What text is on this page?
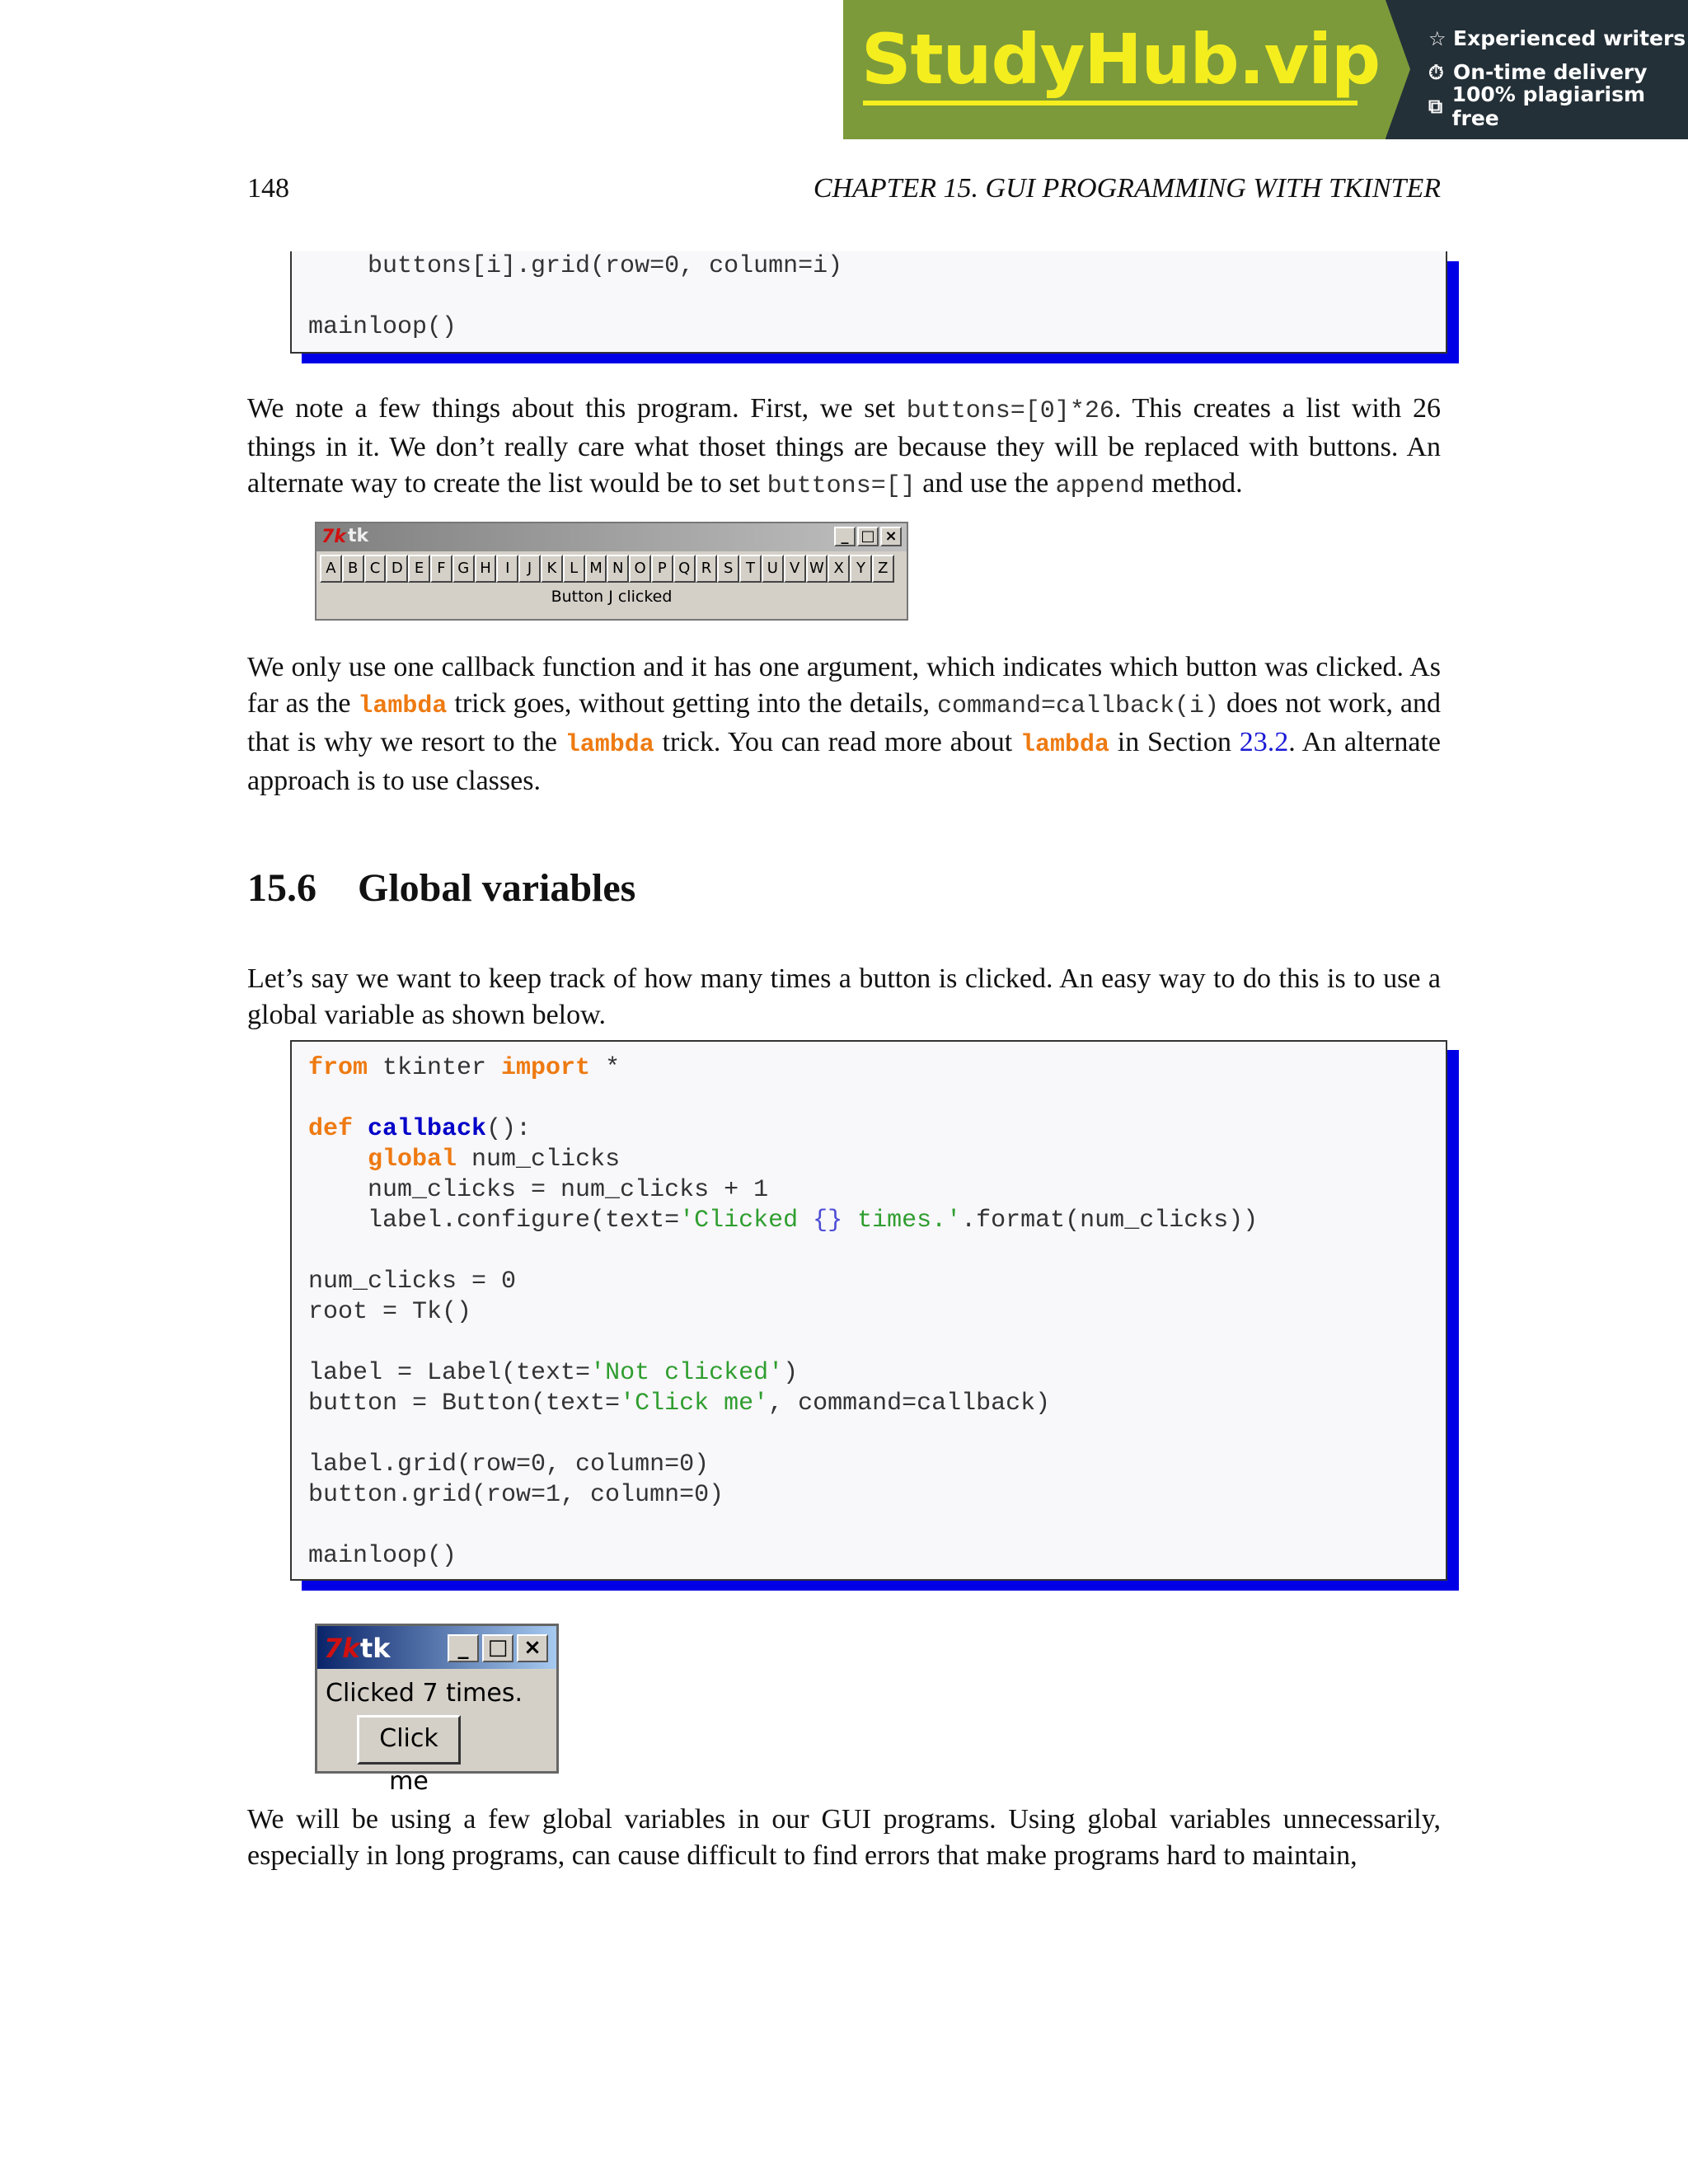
StudyHub.vip ☆ Experienced writers
⏱ On-time delivery
⧉ 100% plagiarism free
148	CHAPTER 15. GUI PROGRAMMING WITH TKINTER
buttons[i].grid(row=0, column=i)
mainloop()
We note a few things about this program. First, we set buttons=[0]*26. This creates a list with 26 things in it. We don’t really care what thoset things are because they will be replaced with buttons. An alternate way to create the list would be to set buttons=[] and use the append method.
7k tk	_ □ ×
A B C D E F G H I	J	K L M N O P Q R S T U V W X Y Z
Button J clicked
We only use one callback function and it has one argument, which indicates which button was clicked. As far as the lambda trick goes, without getting into the details, command=callback(i) does not work, and that is why we resort to the lambda trick. You can read more about lambda in Section 23.2. An alternate approach is to use classes.
15.6 Global variables
Let’s say we want to keep track of how many times a button is clicked. An easy way to do this is to use a global variable as shown below.
from tkinter import *

def callback():
global num_clicks
num_clicks = num_clicks + 1
label.configure(text='Clicked {} times.'.format(num_clicks))

num_clicks = 0
root = Tk()

label = Label(text='Not clicked')
button = Button(text='Click me', command=callback)

label.grid(row=0, column=0)
button.grid(row=1, column=0)

mainloop()
7k tk	_ □ ×
Clicked 7 times.
Click me
We will be using a few global variables in our GUI programs. Using global variables unnecessarily, especially in long programs, can cause difficult to find errors that make programs hard to maintain,
